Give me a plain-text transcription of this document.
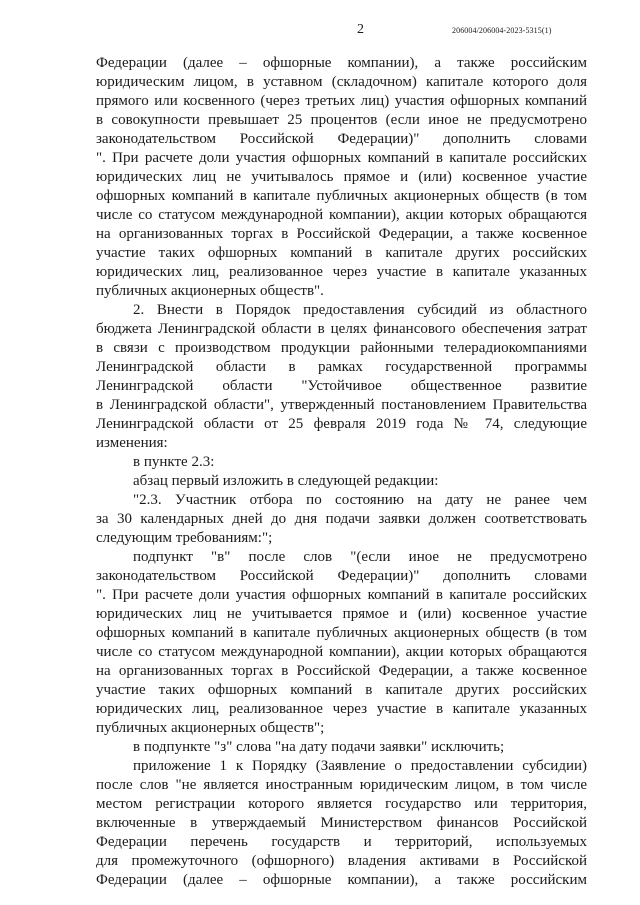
2	206004/206004-2023-5315(1)
Федерации (далее – офшорные компании), а также российским
юридическим лицом, в уставном (складочном) капитале которого доля
прямого или косвенного (через третьих лиц) участия офшорных компаний
в совокупности превышает 25 процентов (если иное не предусмотрено
законодательством Российской Федерации)" дополнить словами
". При расчете доли участия офшорных компаний в капитале российских
юридических лиц не учитывалось прямое и (или) косвенное участие
офшорных компаний в капитале публичных акционерных обществ (в том
числе со статусом международной компании), акции которых обращаются
на организованных торгах в Российской Федерации, а также косвенное
участие таких офшорных компаний в капитале других российских
юридических лиц, реализованное через участие в капитале указанных
публичных акционерных обществ".
2. Внести в Порядок предоставления субсидий из областного
бюджета Ленинградской области в целях финансового обеспечения затрат
в связи с производством продукции районными телерадиокомпаниями
Ленинградской области в рамках государственной программы
Ленинградской области "Устойчивое общественное развитие
в Ленинградской области", утвержденный постановлением Правительства
Ленинградской области от 25 февраля 2019 года № 74, следующие
изменения:
в пункте 2.3:
абзац первый изложить в следующей редакции:
"2.3. Участник отбора по состоянию на дату не ранее чем
за 30 календарных дней до дня подачи заявки должен соответствовать
следующим требованиям:";
подпункт "в" после слов "(если иное не предусмотрено
законодательством Российской Федерации)" дополнить словами
". При расчете доли участия офшорных компаний в капитале российских
юридических лиц не учитывается прямое и (или) косвенное участие
офшорных компаний в капитале публичных акционерных обществ (в том
числе со статусом международной компании), акции которых обращаются
на организованных торгах в Российской Федерации, а также косвенное
участие таких офшорных компаний в капитале других российских
юридических лиц, реализованное через участие в капитале указанных
публичных акционерных обществ";
в подпункте "з" слова "на дату подачи заявки" исключить;
приложение 1 к Порядку (Заявление о предоставлении субсидии)
после слов "не является иностранным юридическим лицом, в том числе
местом регистрации которого является государство или территория,
включенные в утверждаемый Министерством финансов Российской
Федерации перечень государств и территорий, используемых
для промежуточного (офшорного) владения активами в Российской
Федерации (далее – офшорные компании), а также российским
